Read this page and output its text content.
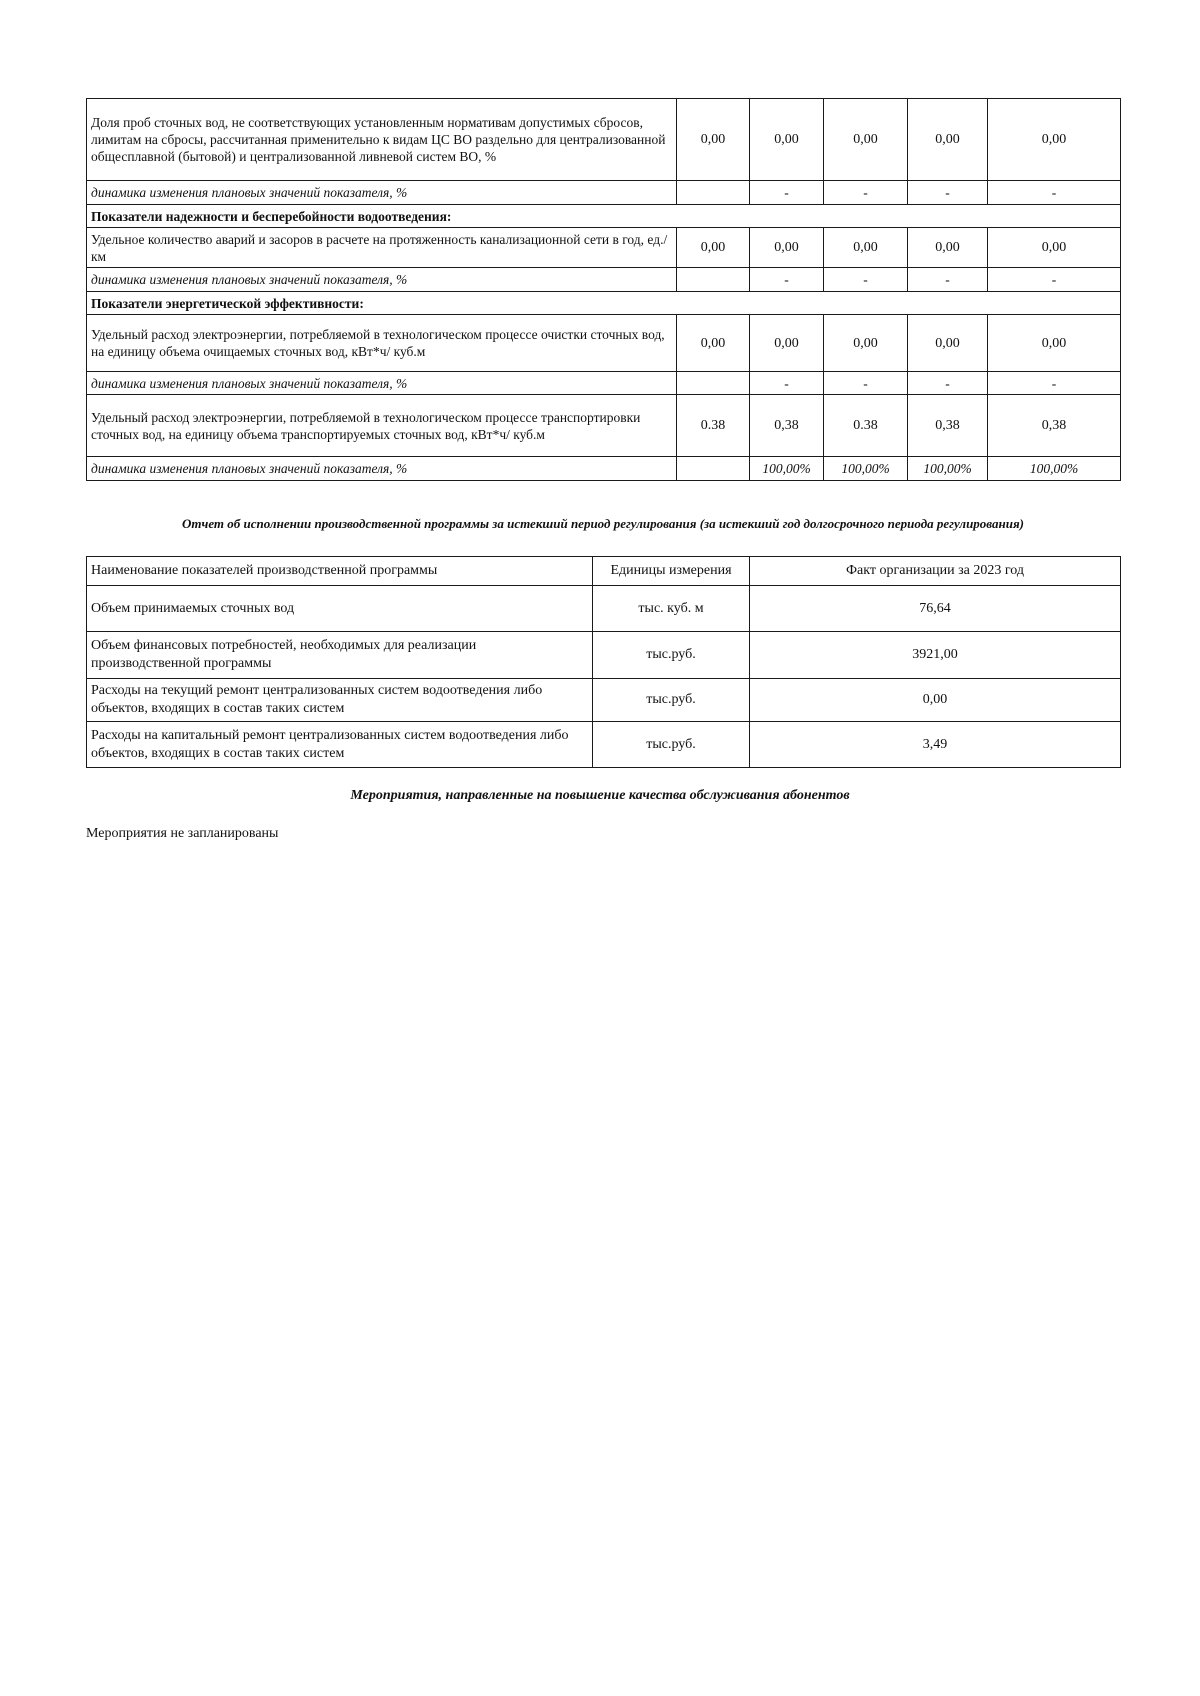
Доля проб сточных вод, не соответствующих установленным нормативам допустимых сбросов, лимитам на сбросы, рассчитанная применительно к видам ЦС ВО раздельно для централизованной общесплавной (бытовой) и централизованной ливневой систем ВО, %	0,00	0,00	0,00	0,00	0,00
динамика изменения плановых значений показателя, %		-	-	-	-
Показатели надежности и бесперебойности водоотведения:					
Удельное количество аварий и засоров в расчете на протяженность канализационной сети в год, ед./км	0,00	0,00	0,00	0,00	0,00
динамика изменения плановых значений показателя, %		-	-	-	-
Показатели энергетической эффективности:					
Удельный расход электроэнергии, потребляемой в технологическом процессе очистки сточных вод, на единицу объема очищаемых сточных вод, кВт*ч/ куб.м	0,00	0,00	0,00	0,00	0,00
динамика изменения плановых значений показателя, %		-	-	-	-
Удельный расход электроэнергии, потребляемой в технологическом процессе транспортировки сточных вод, на единицу объема транспортируемых сточных вод, кВт*ч/ куб.м	0.38	0,38	0.38	0,38	0,38
динамика изменения плановых значений показателя, %		100,00%	100,00%	100,00%	100,00%
Отчет об исполнении производственной программы за истекший период регулирования (за истекший год долгосрочного периода регулирования)
Наименование показателей производственной программы	Единицы измерения	Факт организации за 2023 год
Объем принимаемых сточных вод	тыс. куб. м	76,64
Объем финансовых потребностей, необходимых для реализации производственной программы	тыс.руб.	3921,00
Расходы на текущий ремонт централизованных систем водоотведения либо объектов, входящих в состав таких систем	тыс.руб.	0,00
Расходы на капитальный ремонт централизованных систем водоотведения либо объектов, входящих в состав таких систем	тыс.руб.	3,49
Мероприятия, направленные на повышение качества обслуживания абонентов
Мероприятия не запланированы
